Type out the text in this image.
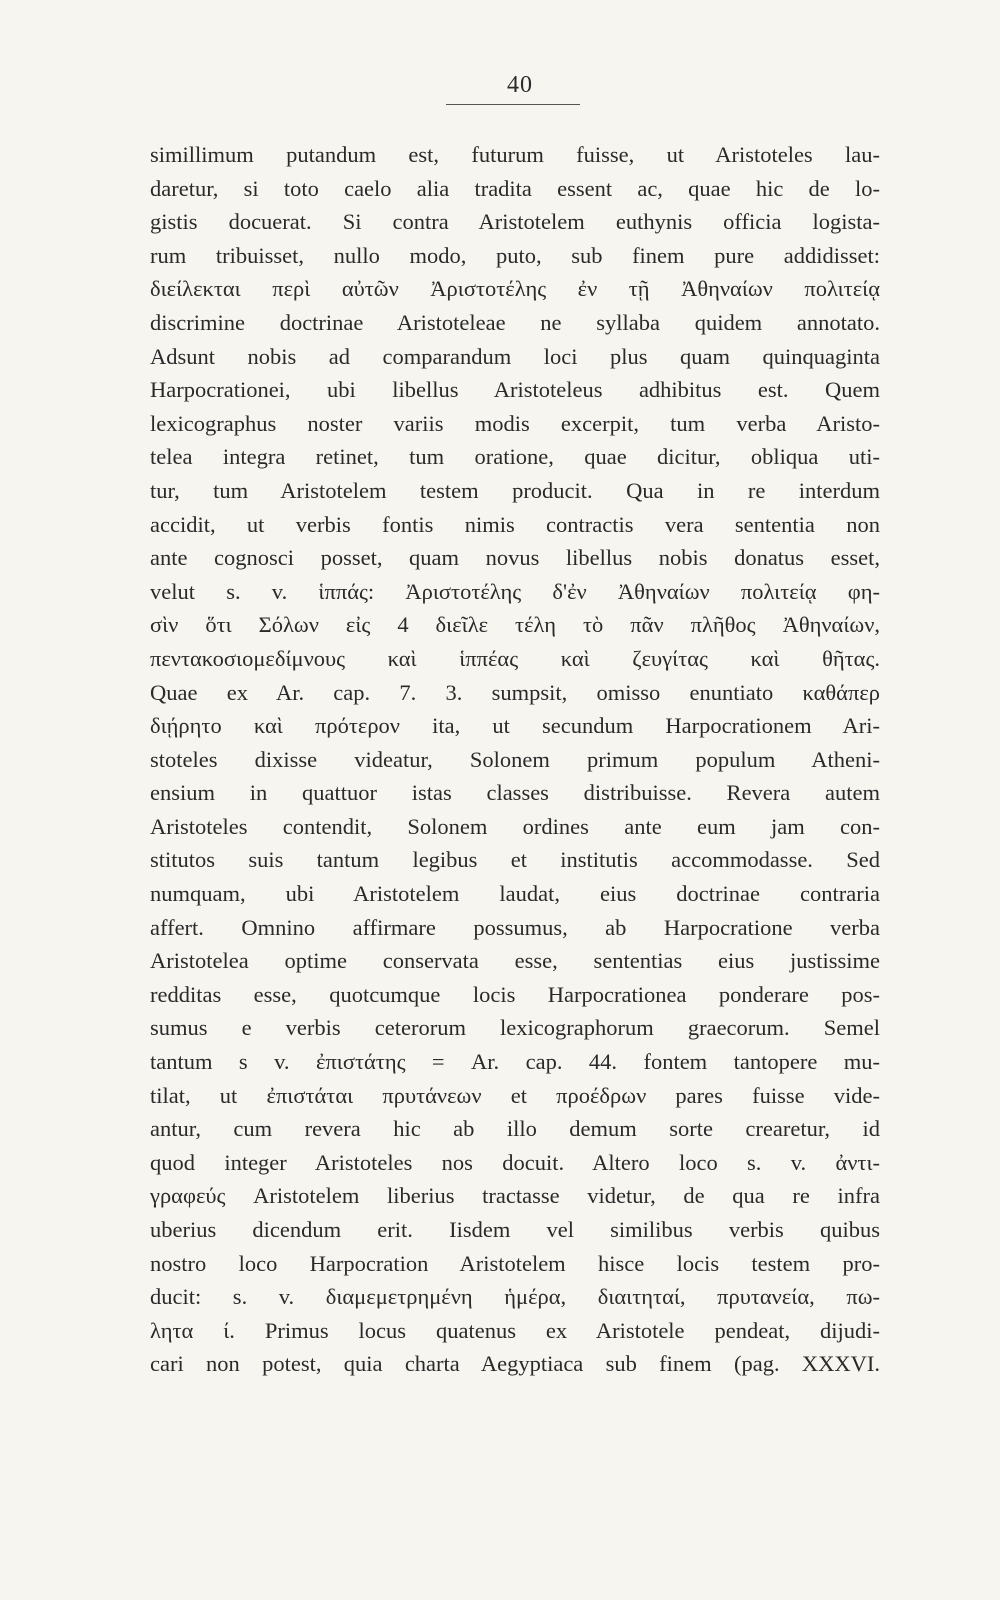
40
simillimum putandum est, futurum fuisse, ut Aristoteles lau-
daretur, si toto caelo alia tradita essent ac, quae hic de lo-
gistis docuerat. Si contra Aristotelem euthynis officia logista-
rum tribuisset, nullo modo, puto, sub finem pure addidisset:
διείλεκται περὶ αὐτῶν Ἀριστοτέλης ἐν τῇ Ἀθηναίων πολιτείᾳ
discrimine doctrinae Aristoteleae ne syllaba quidem annotato.
Adsunt nobis ad comparandum loci plus quam quinquaginta
Harpocrationei, ubi libellus Aristoteleus adhibitus est. Quem
lexicographus noster variis modis excerpit, tum verba Aristo-
telea integra retinet, tum oratione, quae dicitur, obliqua uti-
tur, tum Aristotelem testem producit. Qua in re interdum
accidit, ut verbis fontis nimis contractis vera sententia non
ante cognosci posset, quam novus libellus nobis donatus esset,
velut s. v. ἱππάς: Ἀριστοτέλης δ'ἐν Ἀθηναίων πολιτείᾳ φη-
σὶν ὅτι Σόλων εἰς 4 διεῖλε τέλη τὸ πᾶν πλῆθος Ἀθηναίων,
πεντακοσιομεδίμνους καὶ ἱππέας καὶ ζευγίτας καὶ θῆτας.
Quae ex Ar. cap. 7. 3. sumpsit, omisso enuntiato καθάπερ
διῄρητο καὶ πρότερον ita, ut secundum Harpocrationem Ari-
stoteles dixisse videatur, Solonem primum populum Atheni-
ensium in quattuor istas classes distribuisse. Revera autem
Aristoteles contendit, Solonem ordines ante eum jam con-
stitutos suis tantum legibus et institutis accommodasse. Sed
numquam, ubi Aristotelem laudat, eius doctrinae contraria
affert. Omnino affirmare possumus, ab Harpocratione verba
Aristotelea optime conservata esse, sententias eius justissime
redditas esse, quotcumque locis Harpocrationea ponderare pos-
sumus e verbis ceterorum lexicographorum graecorum. Semel
tantum s v. ἐπιστάτης = Ar. cap. 44. fontem tantopere mu-
tilat, ut ἐπιστάται πρυτάνεων et προέδρων pares fuisse vide-
antur, cum revera hic ab illo demum sorte crearetur, id
quod integer Aristoteles nos docuit. Altero loco s. v. ἀντι-
γραφεύς Aristotelem liberius tractasse videtur, de qua re infra
uberius dicendum erit. Iisdem vel similibus verbis quibus
nostro loco Harpocration Aristotelem hisce locis testem pro-
ducit: s. v. διαμεμετρημένη ἡμέρα, διαιτηταί, πρυτανεία, πω-
λητα ί. Primus locus quatenus ex Aristotele pendeat, dijudi-
cari non potest, quia charta Aegyptiaca sub finem (pag. XXXVI.
